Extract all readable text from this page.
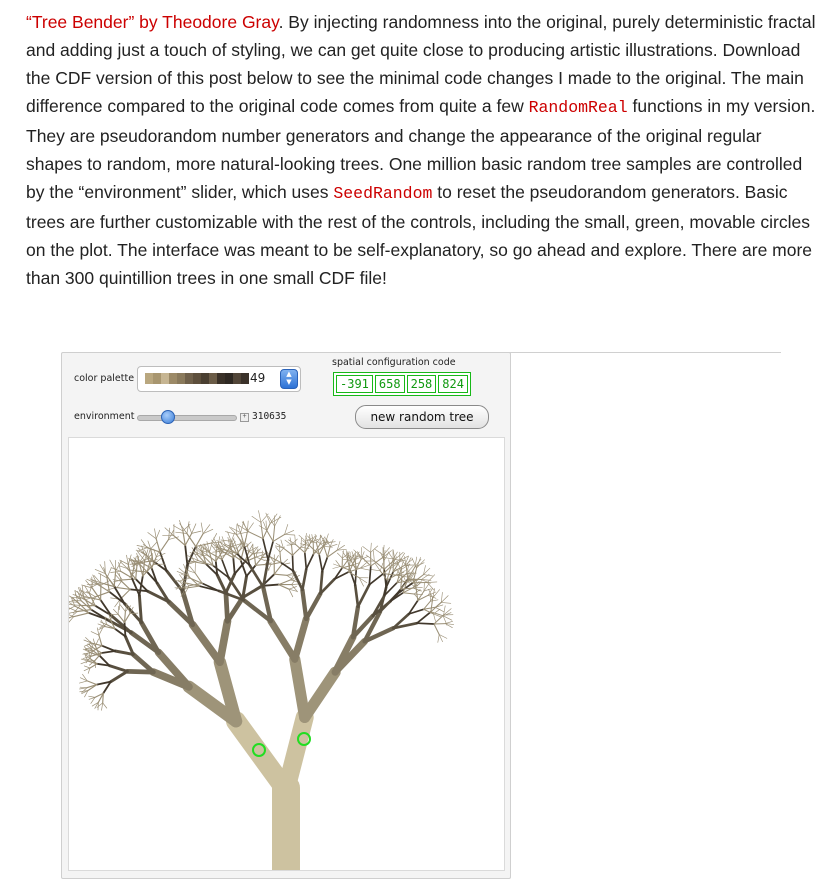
“Tree Bender” by Theodore Gray. By injecting randomness into the original, purely deterministic fractal and adding just a touch of styling, we can get quite close to producing artistic illustrations. Download the CDF version of this post below to see the minimal code changes I made to the original. The main difference compared to the original code comes from quite a few RandomReal functions in my version. They are pseudorandom number generators and change the appearance of the original regular shapes to random, more natural-looking trees. One million basic random tree samples are controlled by the “environment” slider, which uses SeedRandom to reset the pseudorandom generators. Basic trees are further customizable with the rest of the controls, including the small, green, movable circles on the plot. The interface was meant to be self-explanatory, so go ahead and explore. There are more than 300 quintillion trees in one small CDF file!
color palette	49	▲
▼
environment	+ 310635
spatial configuration code
-391 658 258 824
new random tree
